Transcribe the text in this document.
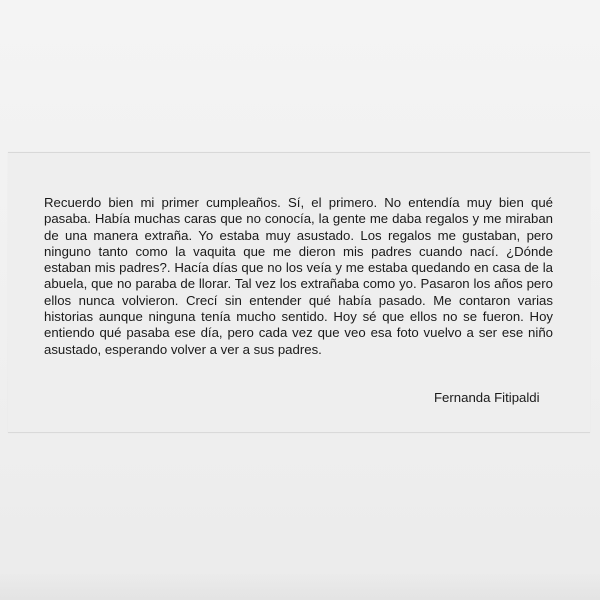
Recuerdo bien mi primer cumpleaños. Sí, el primero. No entendía muy bien qué pasaba. Había muchas caras que no conocía, la gente me daba regalos y me miraban de una manera extraña. Yo estaba muy asustado. Los regalos me gustaban, pero ninguno tanto como la vaquita que me dieron mis padres cuando nací. ¿Dónde estaban mis padres?. Hacía días que no los veía y me estaba quedando en casa de la abuela, que no paraba de llorar. Tal vez los extrañaba como yo. Pasaron los años pero ellos nunca volvieron. Crecí sin entender qué había pasado. Me contaron varias historias aunque ninguna tenía mucho sentido. Hoy sé que ellos no se fueron. Hoy entiendo qué pasaba ese día, pero cada vez que veo esa foto vuelvo a ser ese niño asustado, esperando volver a ver a sus padres.

Fernanda Fitipaldi
